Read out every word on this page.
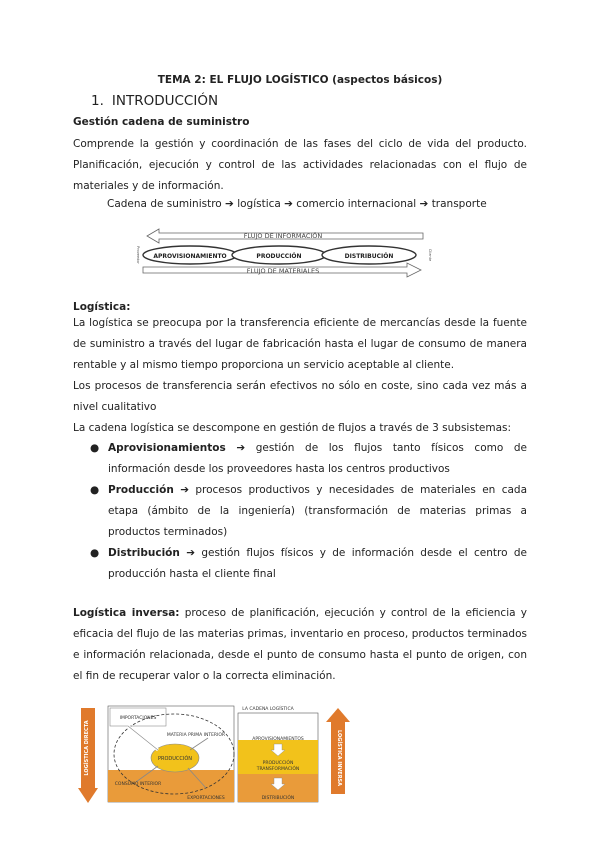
TEMA 2: EL FLUJO LOGÍSTICO (aspectos básicos)
1. INTRODUCCIÓN
Gestión cadena de suministro
Comprende la gestión y coordinación de las fases del ciclo de vida del producto. Planificación, ejecución y control de las actividades relacionadas con el flujo de materiales y de información.
Cadena de suministro ➔ logística ➔ comercio internacional ➔ transporte
FLUJO DE INFORMACIÓN
APROVISIONAMIENTO	PRODUCCIÓN	DISTRIBUCIÓN
Proveedor	Cliente
FLUJO DE MATERIALES
Logística:
La logística se preocupa por la transferencia eficiente de mercancías desde la fuente de suministro a través del lugar de fabricación hasta el lugar de consumo de manera rentable y al mismo tiempo proporciona un servicio aceptable al cliente.
Los procesos de transferencia serán efectivos no sólo en coste, sino cada vez más a nivel cualitativo
La cadena logística se descompone en gestión de flujos a través de 3 subsistemas:
● Aprovisionamientos ➔ gestión de los flujos tanto físicos como de información desde los proveedores hasta los centros productivos
● Producción ➔ procesos productivos y necesidades de materiales en cada etapa (ámbito de la ingeniería) (transformación de materias primas a productos terminados)
● Distribución ➔ gestión flujos físicos y de información desde el centro de producción hasta el cliente final
Logística inversa: proceso de planificación, ejecución y control de la eficiencia y eficacia del flujo de las materias primas, inventario en proceso, productos terminados e información relacionada, desde el punto de consumo hasta el punto de origen, con el fin de recuperar valor o la correcta eliminación.
LOGÍSTICA DIRECTA
IMPORTACIONES
MATERIA PRIMA INTERIOR
PRODUCCIÓN
CONSUMO INTERIOR
EXPORTACIONES
LA CADENA LOGÍSTICA
APROVISIONAMIENTOS
PRODUCCIÓN
TRANSFORMACIÓN
DISTRIBUCIÓN
LOGÍSTICA INVERSA
